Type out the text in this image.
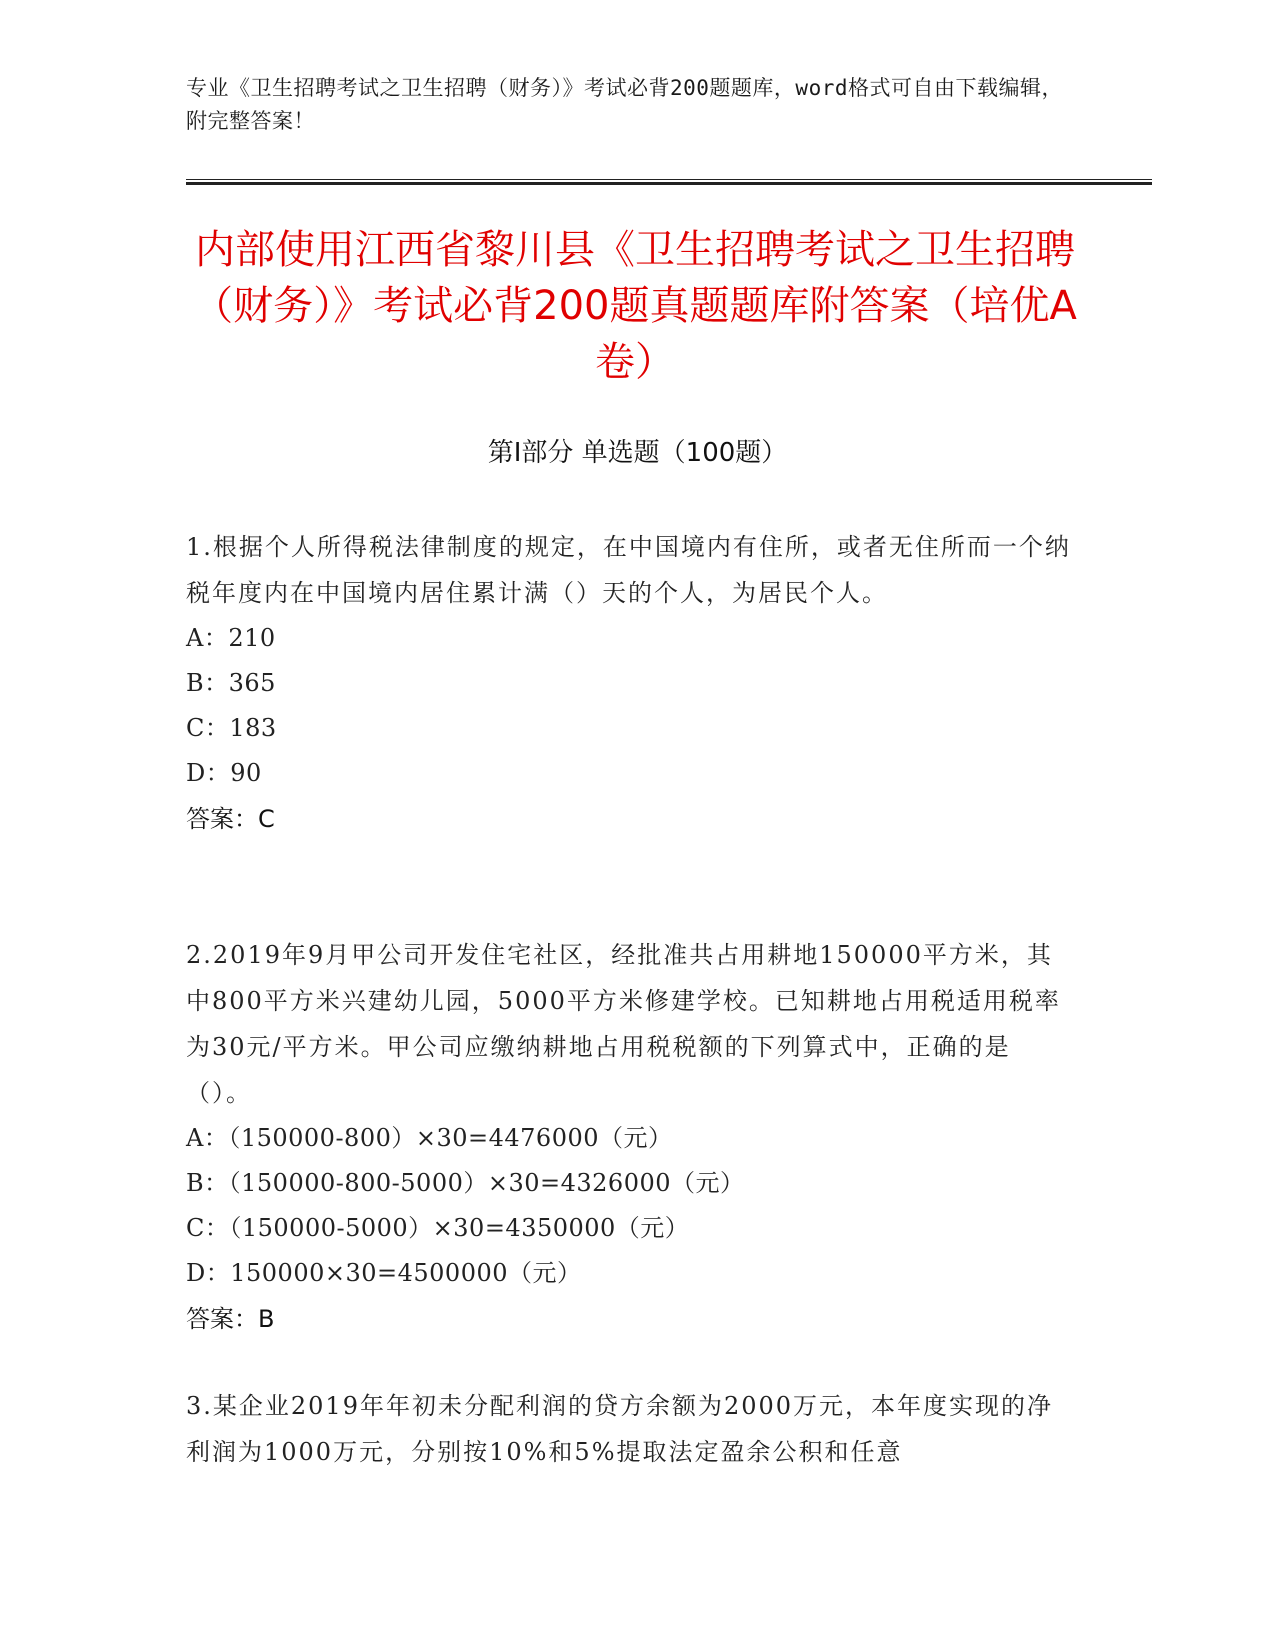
专业《卫生招聘考试之卫生招聘（财务）》考试必背200题题库，word格式可自由下载编辑，附完整答案！
内部使用江西省黎川县《卫生招聘考试之卫生招聘（财务）》考试必背200题真题题库附答案（培优A卷）
第Ⅰ部分 单选题（100题）
1.根据个人所得税法律制度的规定，在中国境内有住所，或者无住所而一个纳税年度内在中国境内居住累计满（）天的个人，为居民个人。
A：210
B：365
C：183
D：90
答案：C
2.2019年9月甲公司开发住宅社区，经批准共占用耕地150000平方米，其中800平方米兴建幼儿园，5000平方米修建学校。已知耕地占用税适用税率为30元/平方米。甲公司应缴纳耕地占用税税额的下列算式中，正确的是（）。
A：（150000-800）×30=4476000（元）
B：（150000-800-5000）×30=4326000（元）
C：（150000-5000）×30=4350000（元）
D：150000×30=4500000（元）
答案：B
3.某企业2019年年初未分配利润的贷方余额为2000万元，本年度实现的净利润为1000万元，分别按10%和5%提取法定盈余公积和任意
